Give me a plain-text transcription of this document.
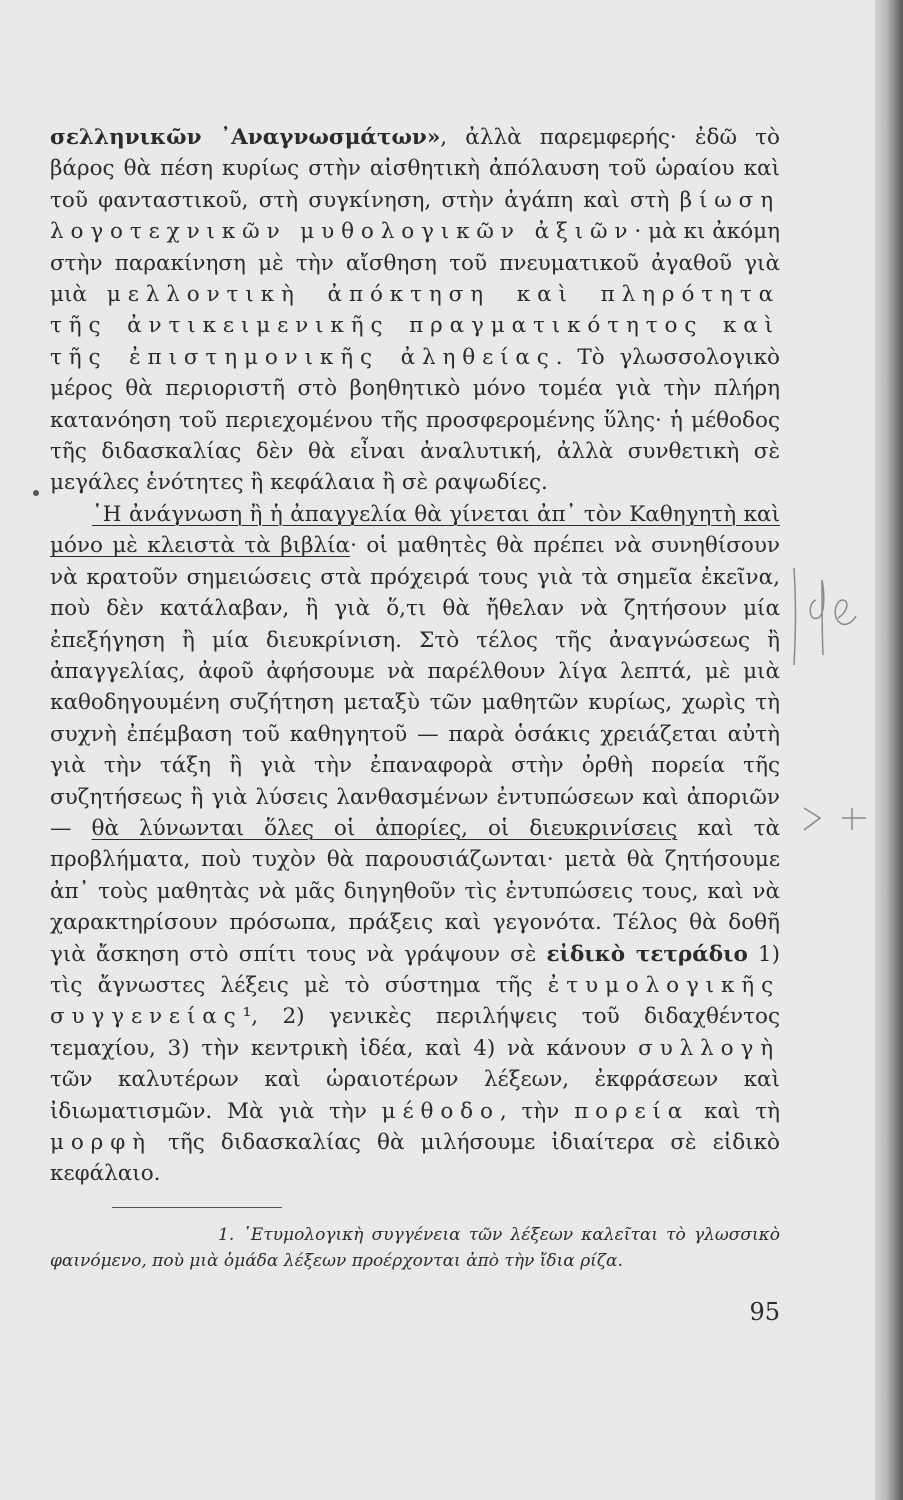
σελληνικῶν ᾿Αναγνωσμάτων», ἀλλὰ παρεμφερής· ἐδῶ τὸ βάρος θὰ πέση κυρίως στὴν αἰσθητικὴ ἀπόλαυση τοῦ ὡραίου καὶ τοῦ φανταστικοῦ, στὴ συγκίνηση, στὴν ἀγάπη καὶ στὴ βίωση λογοτεχνικῶν μυθολογικῶν ἀξιῶν· μὰ κι ἀκόμη στὴν παρακίνηση μὲ τὴν αἴσθηση τοῦ πνευματικοῦ ἀγαθοῦ γιὰ μιὰ μελλοντικὴ ἀπόκτηση καὶ πληρότητα τῆς ἀντικειμενικῆς πραγματικότητος καὶ τῆς ἐπιστημονικῆς ἀληθείας. Τὸ γλωσσολογικὸ μέρος θὰ περιοριστῆ στὸ βοηθητικὸ μόνο τομέα γιὰ τὴν πλήρη κατανόηση τοῦ περιεχομένου τῆς προσφερομένης ὕλης· ἡ μέθοδος τῆς διδασκαλίας δὲν θὰ εἶναι ἀναλυτική, ἀλλὰ συνθετικὴ σὲ μεγάλες ἑνότητες ἢ κεφάλαια ἢ σὲ ραψωδίες.

῾Η ἀνάγνωση ἢ ἡ ἀπαγγελία θὰ γίνεται ἀπ᾿ τὸν Καθηγητὴ καὶ μόνο μὲ κλειστὰ τὰ βιβλία· οἱ μαθητὲς θὰ πρέπει νὰ συνηθίσουν νὰ κρατοῦν σημειώσεις στὰ πρόχειρά τους γιὰ τὰ σημεῖα ἐκεῖνα, ποὺ δὲν κατάλαβαν, ἢ γιὰ ὅ,τι θὰ ἤθελαν νὰ ζητήσουν μία ἐπεξήγηση ἢ μία διευκρίνιση. Στὸ τέλος τῆς ἀναγνώσεως ἢ ἀπαγγελίας, ἀφοῦ ἀφήσουμε νὰ παρέλθουν λίγα λεπτά, μὲ μιὰ καθοδηγουμένη συζήτηση μεταξὺ τῶν μαθητῶν κυρίως, χωρὶς τὴ συχνὴ ἐπέμβαση τοῦ καθηγητοῦ — παρὰ ὁσάκις χρειάζεται αὐτὴ γιὰ τὴν τάξη ἢ γιὰ τὴν ἐπαναφορὰ στὴν ὀρθὴ πορεία τῆς συζητήσεως ἢ γιὰ λύσεις λανθασμένων ἐντυπώσεων καὶ ἀποριῶν — θὰ λύνωνται ὅλες οἱ ἀπορίες, οἱ διευκρινίσεις καὶ τὰ προβλήματα, ποὺ τυχὸν θὰ παρουσιάζωνται· μετὰ θὰ ζητήσουμε ἀπ᾿ τοὺς μαθητὰς νὰ μᾶς διηγηθοῦν τὶς ἐντυπώσεις τους, καὶ νὰ χαρακτηρίσουν πρόσωπα, πράξεις καὶ γεγονότα. Τέλος θὰ δοθῆ γιὰ ἄσκηση στὸ σπίτι τους νὰ γράψουν σὲ εἰδικὸ τετράδιο 1) τὶς ἄγνωστες λέξεις μὲ τὸ σύστημα τῆς ἐτυμολογικῆς συγγενείας¹, 2) γενικὲς περιλήψεις τοῦ διδαχθέντος τεμαχίου, 3) τὴν κεντρικὴ ἰδέα, καὶ 4) νὰ κάνουν συλλογὴ τῶν καλυτέρων καὶ ὡραιοτέρων λέξεων, ἐκφράσεων καὶ ἰδιωματισμῶν. Μὰ γιὰ τὴν μέθοδο, τὴν πορεία καὶ τὴ μορφὴ τῆς διδασκαλίας θὰ μιλήσουμε ἰδιαίτερα σὲ εἰδικὸ κεφάλαιο.

1. ᾿Ετυμολογικὴ συγγένεια τῶν λέξεων καλεῖται τὸ γλωσσικὸ φαινόμενο, ποὺ μιὰ ὁμάδα λέξεων προέρχονται ἀπὸ τὴν ἴδια ρίζα.
95
